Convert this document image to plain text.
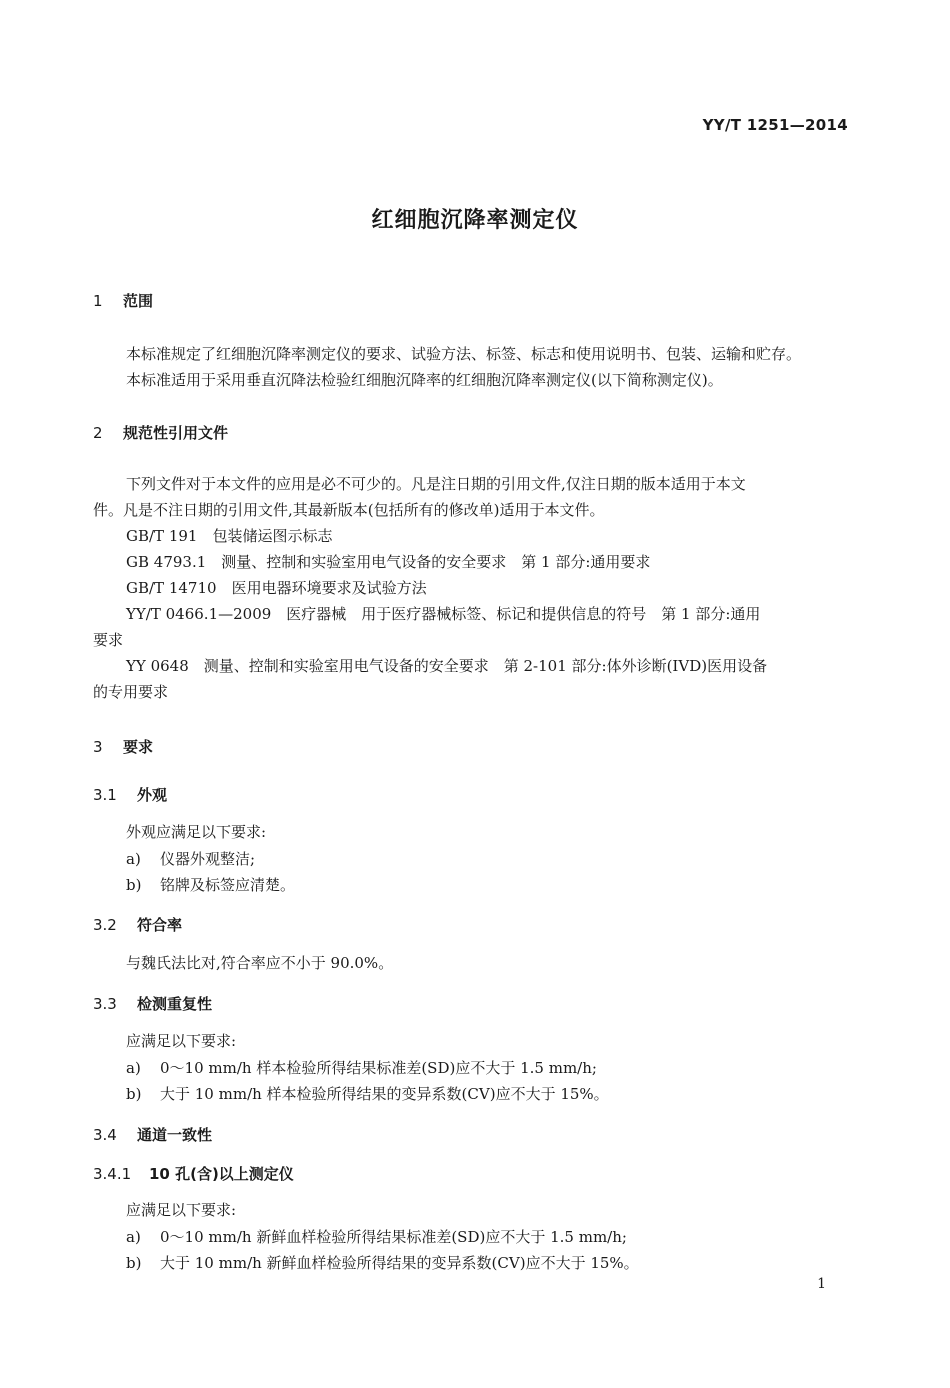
YY/T 1251—2014
红细胞沉降率测定仪
1 范围
本标准规定了红细胞沉降率测定仪的要求、试验方法、标签、标志和使用说明书、包装、运输和贮存。
本标准适用于采用垂直沉降法检验红细胞沉降率的红细胞沉降率测定仪(以下简称测定仪)。
2 规范性引用文件
下列文件对于本文件的应用是必不可少的。凡是注日期的引用文件,仅注日期的版本适用于本文
件。凡是不注日期的引用文件,其最新版本(包括所有的修改单)适用于本文件。
GB/T 191　 包装储运图示标志
GB 4793.1　 测量、控制和实验室用电气设备的安全要求　第 1 部分:通用要求
GB/T 14710　 医用电器环境要求及试验方法
YY/T 0466.1—2009　医疗器械　用于医疗器械标签、标记和提供信息的符号　第 1 部分:通用
要求
YY 0648　测量、控制和实验室用电气设备的安全要求　第 2-101 部分:体外诊断(IVD)医用设备
的专用要求
3 要求
3.1 外观
外观应满足以下要求:
a) 仪器外观整洁;
b) 铭牌及标签应清楚。
3.2 符合率
与魏氏法比对,符合率应不小于 90.0%。
3.3 检测重复性
应满足以下要求:
a) 0～10 mm/h 样本检验所得结果标准差(SD)应不大于 1.5 mm/h;
b) 大于 10 mm/h 样本检验所得结果的变异系数(CV)应不大于 15%。
3.4 通道一致性
3.4.1 10 孔(含)以上测定仪
应满足以下要求:
a) 0～10 mm/h 新鲜血样检验所得结果标准差(SD)应不大于 1.5 mm/h;
b) 大于 10 mm/h 新鲜血样检验所得结果的变异系数(CV)应不大于 15%。
1
